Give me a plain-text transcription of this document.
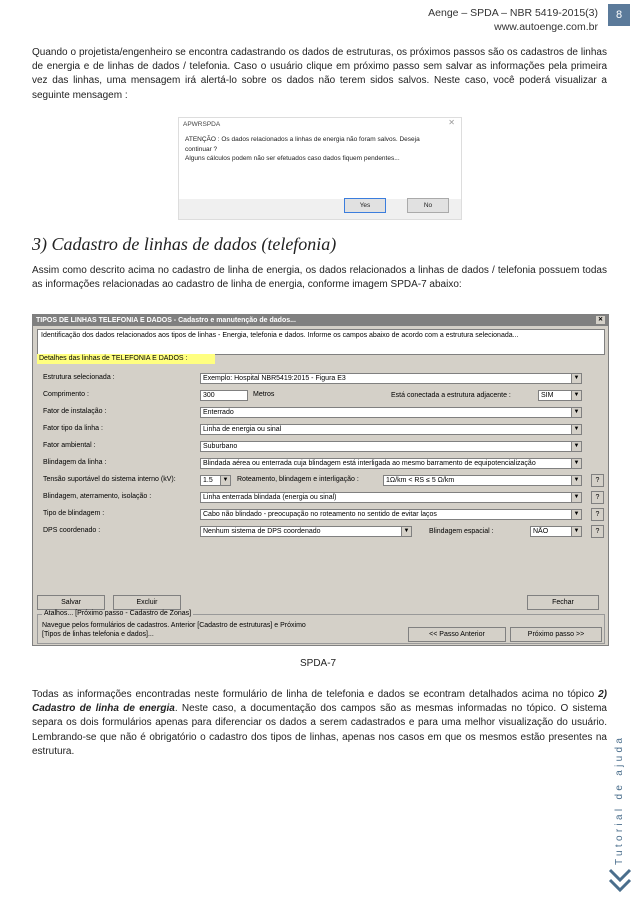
Aenge – SPDA – NBR 5419-2015(3)
www.autoenge.com.br
8
Quando o projetista/engenheiro se encontra cadastrando os dados de estruturas, os próximos passos são os cadastros de linhas de energia e de linhas de dados / telefonia. Caso o usuário clique em próximo passo sem salvar as informações pela primeira vez das linhas, uma mensagem irá alertá-lo sobre os dados não terem sidos salvos. Neste caso, você poderá visualizar a seguinte mensagem :
APWRSPDA	✕
ATENÇÃO : Os dados relacionados a linhas de energia não foram salvos. Deseja
continuar ?
Alguns cálculos podem não ser efetuados caso dados fiquem pendentes...
Yes	No
3) Cadastro de linhas de dados (telefonia)
Assim como descrito acima no cadastro de linha de energia, os dados relacionados a linhas de dados / telefonia possuem todas as informações relacionadas ao cadastro de linha de energia, conforme imagem SPDA-7 abaixo:
TIPOS DE LINHAS TELEFONIA E DADOS - Cadastro e manutenção de dados...	✕
Identificação dos dados relacionados aos tipos de linhas - Energia, telefonia e dados. Informe os campos abaixo de acordo com a estrutura selecionada...
Detalhes das linhas de TELEFONIA E DADOS :
Estrutura selecionada :	Exemplo: Hospital NBR5419:2015 - Figura E3	▼
Comprimento :	300	Metros	Está conectada a estrutura adjacente :	SIM	▼
Fator de instalação :	Enterrado	▼
Fator tipo da linha :	Linha de energia ou sinal	▼
Fator ambiental :	Suburbano	▼
Blindagem da linha :	Blindada aérea ou enterrada cuja blindagem está interligada ao mesmo barramento de equipotencialização	▼
Tensão suportável do sistema interno (kV):	1.5	▼ Roteamento, blindagem e interligação :	1Ω/km < RS ≤ 5 Ω/km	▼	?
Blindagem, aterramento, isolação :	Linha enterrada blindada (energia ou sinal)	▼	?
Tipo de blindagem :	Cabo não blindado - preocupação no roteamento no sentido de evitar laços	▼	?
DPS coordenado :	Nenhum sistema de DPS coordenado	▼	Blindagem espacial :	NÃO	▼	?
Salvar	Excluir	Fechar
Atalhos... [Próximo passo - Cadastro de Zonas]
Navegue pelos formulários de cadastros. Anterior [Cadastro de estruturas] e Próximo [Tipos de linhas telefonia e dados]...	<< Passo Anterior	Próximo passo >>
SPDA-7
Todas as informações encontradas neste formulário de linha de telefonia e dados se econtram detalhados acima no tópico 2) Cadastro de linha de energia. Neste caso, a documentação dos campos são as mesmas informadas no tópico. O sistema separa os dois formulários apenas para diferenciar os dados a serem cadastrados e para uma melhor visualização do usuário. Lembrando-se que não é obrigatório o cadastro dos tipos de linhas, apenas nos casos em que os mesmos estão presentes na estrutura.	Tutorial de ajuda
